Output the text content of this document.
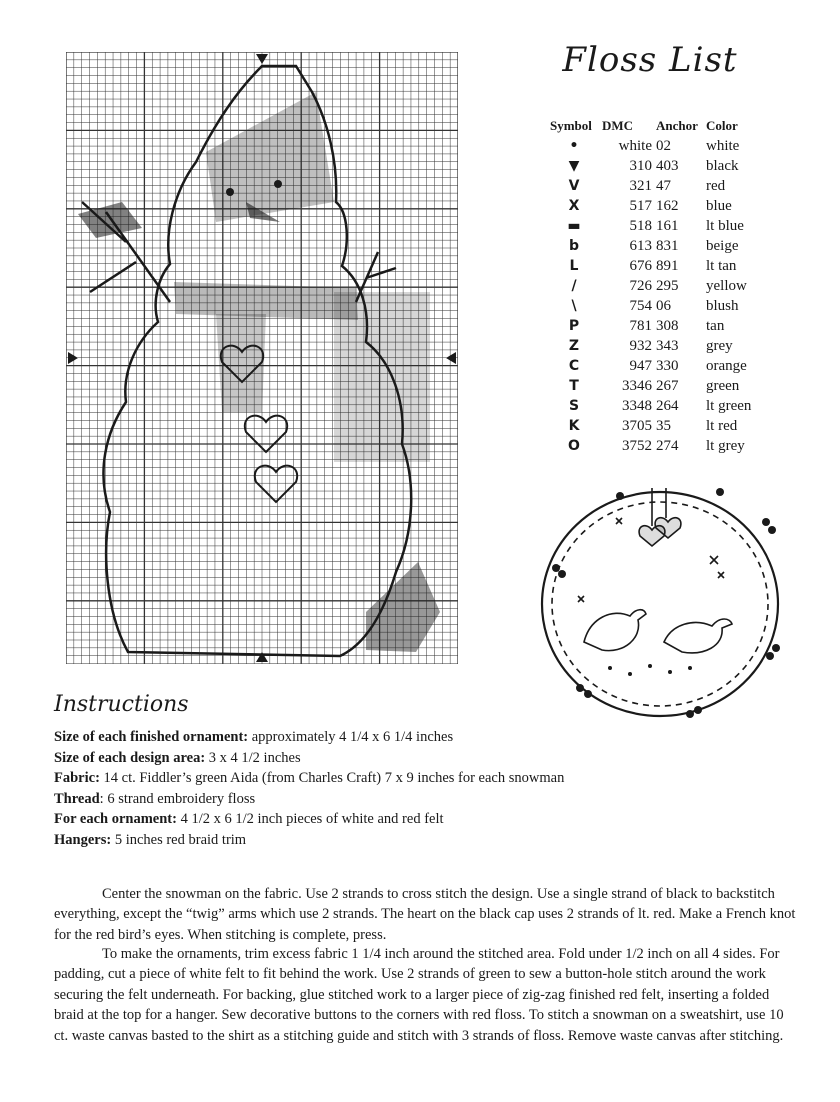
Floss List
Symbol	DMC	Anchor	Color
•	white	02	white
▼	310	403	black
V	321	47	red
X	517	162	blue
▬	518	161	lt blue
b	613	831	beige
L	676	891	lt tan
/	726	295	yellow
\	754	06	blush
P	781	308	tan
Z	932	343	grey
C	947	330	orange
T	3346	267	green
S	3348	264	lt green
K	3705	35	lt red
O	3752	274	lt grey
Instructions
Size of each finished ornament: approximately 4 1/4 x 6 1/4 inches
Size of each design area: 3 x 4 1/2 inches
Fabric: 14 ct. Fiddler’s green Aida (from Charles Craft) 7 x 9 inches for each snowman
Thread: 6 strand embroidery floss
For each ornament: 4 1/2 x 6 1/2 inch pieces of white and red felt
Hangers: 5 inches red braid trim

Center the snowman on the fabric. Use 2 strands to cross stitch the design. Use a single strand of black to backstitch everything, except the “twig” arms which use 2 strands. The heart on the black cap uses 2 strands of lt. red. Make a French knot for the red bird’s eyes. When stitching is complete, press.

To make the ornaments, trim excess fabric 1 1/4 inch around the stitched area. Fold under 1/2 inch on all 4 sides. For padding, cut a piece of white felt to fit behind the work. Use 2 strands of green to sew a button-hole stitch around the work securing the felt underneath. For backing, glue stitched work to a larger piece of zig-zag finished red felt, inserting a folded braid at the top for a hanger. Sew decorative buttons to the corners with red floss. To stitch a snowman on a sweatshirt, use 10 ct. waste canvas basted to the shirt as a stitching guide and stitch with 3 strands of floss. Remove waste canvas after stitching.
